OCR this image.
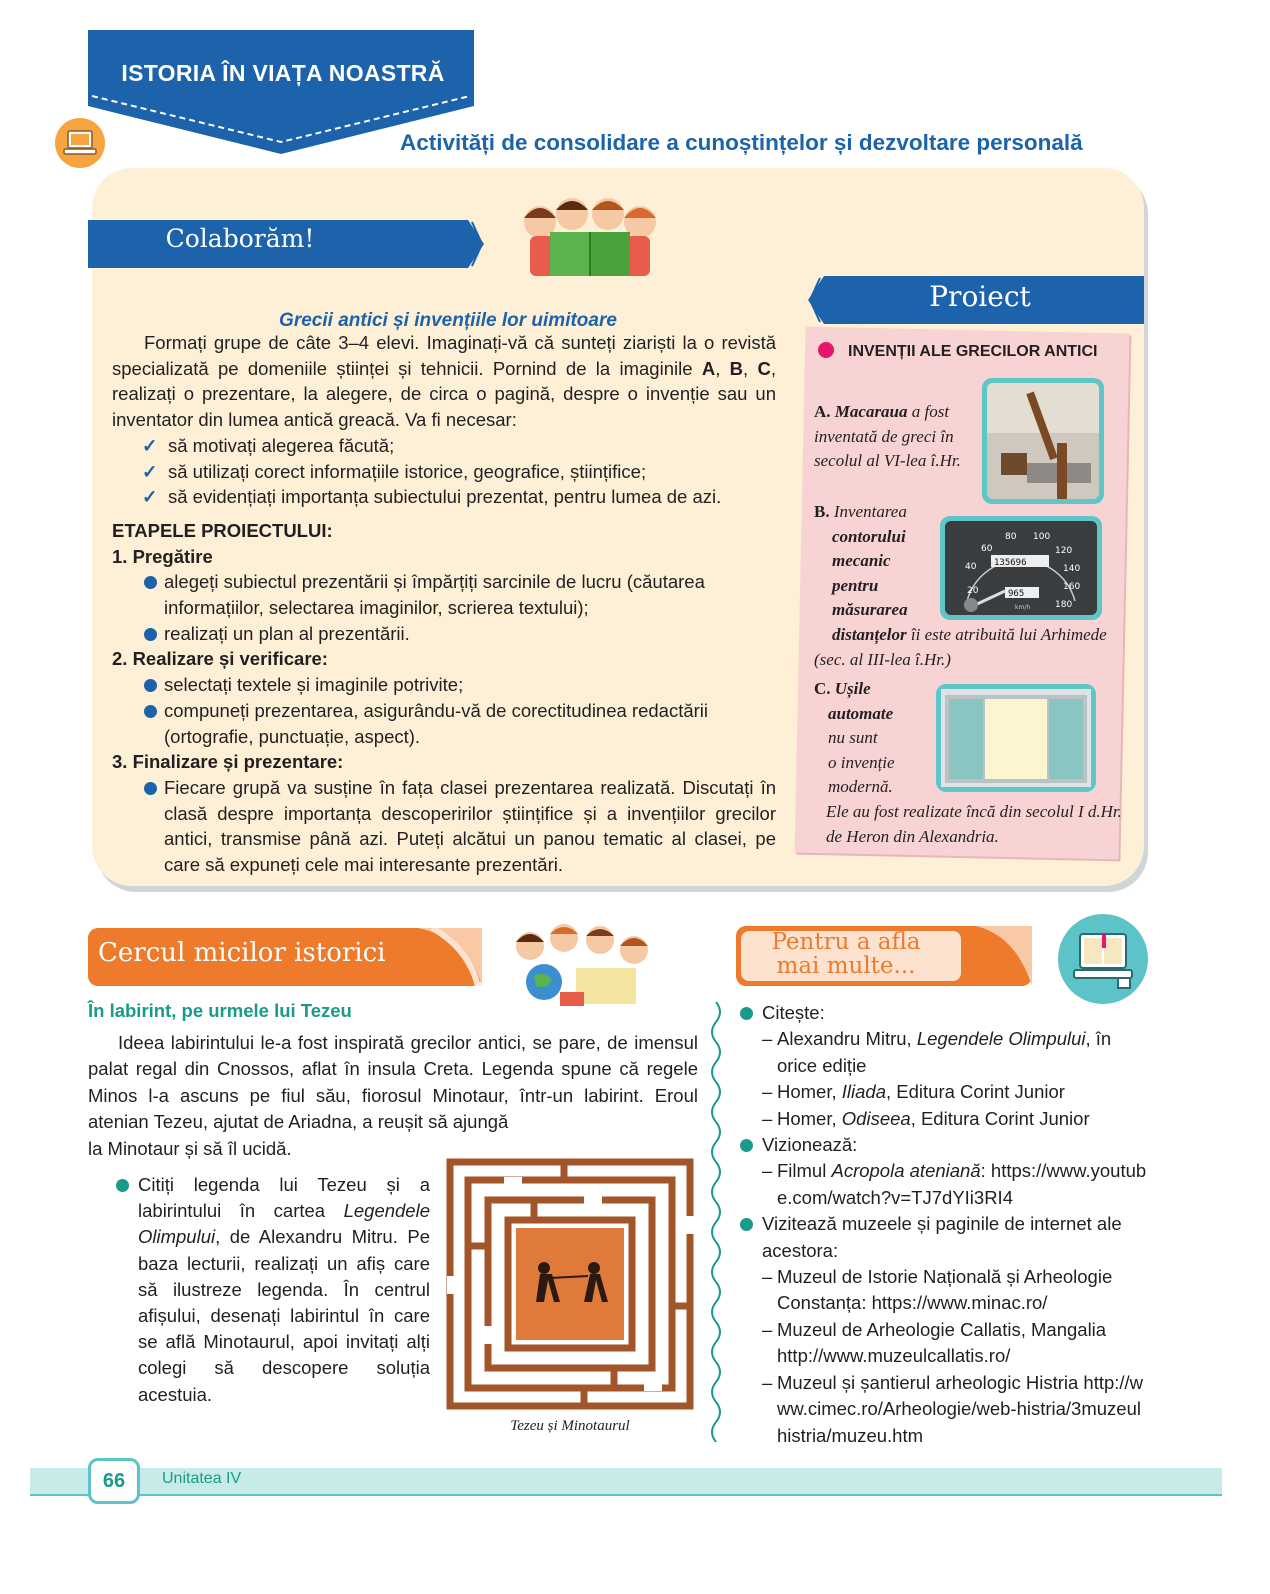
ISTORIA ÎN VIAȚA NOASTRĂ
Activități de consolidare a cunoștințelor și dezvoltare personală
Colaborăm!
Grecii antici și invențiile lor uimitoare

Formați grupe de câte 3–4 elevi. Imaginați-vă că sunteți ziariști la o revistă specializată pe domeniile științei și tehnicii. Pornind de la imaginile A, B, C, realizați o prezentare, la alegere, de circa o pagină, despre o invenție sau un inventator din lumea antică greacă. Va fi necesar:

✓ să motivați alegerea făcută;
✓ să utilizați corect informațiile istorice, geografice, științifice;
✓ să evidențiați importanța subiectului prezentat, pentru lumea de azi.
ETAPELE PROIECTULUI:
1. Pregătire
alegeți subiectul prezentării și împărțiți sarcinile de lucru (căutarea informațiilor, selectarea imaginilor, scrierea textului);
realizați un plan al prezentării.
2. Realizare și verificare:
selectați textele și imaginile potrivite;
compuneți prezentarea, asigurându-vă de corectitudinea redactării (ortografie, punctuație, aspect).
3. Finalizare și prezentare:
Fiecare grupă va susține în fața clasei prezentarea realizată. Discutați în clasă despre importanța descoperirilor științifice și a invențiilor grecilor antici, transmise până azi. Puteți alcătui un panou tematic al clasei, pe care să expuneți cele mai interesante prezentări.
Proiect
INVENȚII ALE GRECILOR ANTICI
A. Macaraua a fost inventată de greci în secolul al VI-lea î.Hr.
B. Inventarea
contorului
mecanic
pentru
măsurarea
distanțelor îi este atribuită lui Arhimede (sec. al III-lea î.Hr.)
20
40
60
80 100
120
140
160
180
135696
965
km/h
C. Ușile
automate
nu sunt
o invenție
modernă.

Ele au fost realizate încă din secolul I d.Hr. de Heron din Alexandria.
Cercul micilor istorici
În labirint, pe urmele lui Tezeu
Ideea labirintului le-a fost inspirată grecilor antici, se pare, de imensul palat regal din Cnossos, aflat în insula Creta. Legenda spune că regele Minos l-a ascuns pe fiul său, fiorosul Minotaur, într-un labirint. Eroul atenian Tezeu, ajutat de Ariadna, a reușit să ajungă
la Minotaur și să îl ucidă.
Citiți legenda lui Tezeu și a labirintului în cartea Legendele Olimpului, de Alexandru Mitru. Pe baza lecturii, realizați un afiș care să ilustreze legenda. În centrul afișului, desenați labirintul în care se află Minotaurul, apoi invitați alți colegi să descopere soluția acestuia.
Tezeu și Minotaurul
Pentru a afla
mai multe...
Citește:
– Alexandru Mitru, Legendele Olimpului, în orice ediție
– Homer, Iliada, Editura Corint Junior
– Homer, Odiseea, Editura Corint Junior
Vizionează:
– Filmul Acropola ateniană: https://www.youtube.com/watch?v=TJ7dYIi3RI4
Vizitează muzeele și paginile de internet ale acestora:
– Muzeul de Istorie Națională și Arheologie Constanța: https://www.minac.ro/
– Muzeul de Arheologie Callatis, Mangalia http://www.muzeulcallatis.ro/
– Muzeul și șantierul arheologic Histria http://www.cimec.ro/Arheologie/web-histria/3muzeulhistria/muzeu.htm
66	Unitatea IV
